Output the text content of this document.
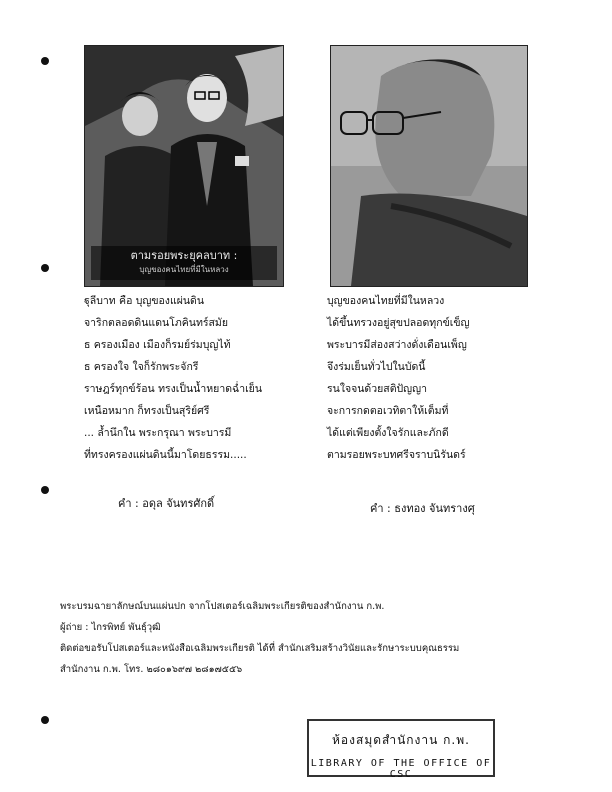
ตามรอยพระยุคลบาท :
บุญของคนไทยที่มีในหลวง
ฐุลีบาท คือ บุญของแผ่นดิน
จาริกตลอดดินแดนโภคินทร์สมัย
ธ ครองเมือง เมืองก็รมย์ร่มบุญไท้
ธ ครองใจ ใจก็รักพระจักรี
ราษฎร์ทุกข์ร้อน ทรงเป็นน้ำหยาดฉ่ำเย็น
เหนือหมาก ก็ทรงเป็นสุริย์ศรี
... ล้ำนึกใน พระกรุณา พระบารมี
ที่ทรงครองแผ่นดินนี้มาโดยธรรม.....
คำ : อดุล จันทรศักดิ์
บุญของคนไทยที่มีในหลวง
ได้ขึ้นทรวงอยู่สุขปลอดทุกข์เข็ญ
พระบารมีส่องสว่างดั่งเดือนเพ็ญ
จึงร่มเย็นทั่วไปในบัดนี้
รนใจจนด้วยสติปัญญา
จะการกดตอเวทิตาให้เต็มที่
ได้แต่เพียงตั้งใจรักและภักดี
ตามรอยพระบทศรีจราบนิรันดร์
คำ : ธงทอง จันทรางศุ
พระบรมฉายาลักษณ์บนแผ่นปก จากโปสเตอร์เฉลิมพระเกียรติของสำนักงาน ก.พ.
ผู้ถ่าย : ไกรพิทย์ พันธุ์วุฒิ
ติดต่อขอรับโปสเตอร์และหนังสือเฉลิมพระเกียรติ ได้ที่ สำนักเสริมสร้างวินัยและรักษาระบบคุณธรรม
สำนักงาน ก.พ. โทร. ๒๘๐๑๖๙๗ ๒๘๑๗๕๕๖
ห้องสมุดสำนักงาน ก.พ.
LIBRARY OF THE OFFICE OF CSC
